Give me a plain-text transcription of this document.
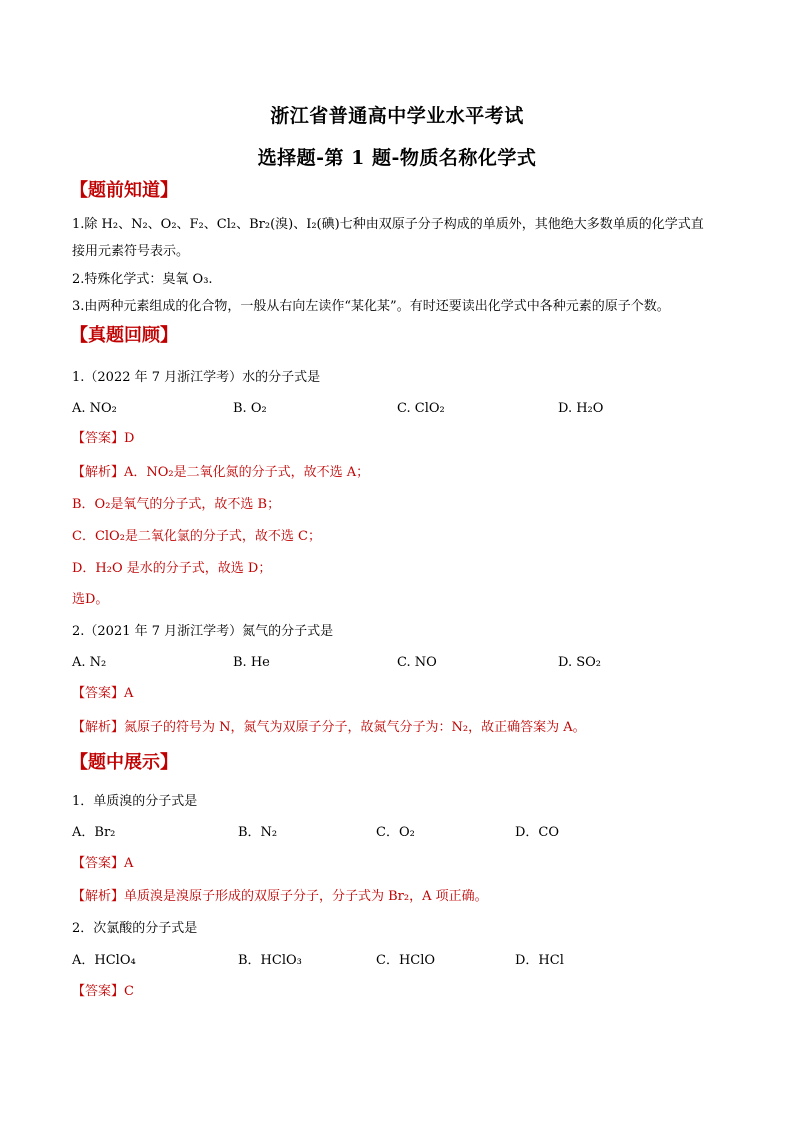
浙江省普通高中学业水平考试
选择题-第 1 题-物质名称化学式
【题前知道】
1.除 H₂、N₂、O₂、F₂、Cl₂、Br₂(溴)、I₂(碘)七种由双原子分子构成的单质外，其他绝大多数单质的化学式直
接用元素符号表示。
2.特殊化学式：臭氧 O₃.
3.由两种元素组成的化合物，一般从右向左读作“某化某”。有时还要读出化学式中各种元素的原子个数。
【真题回顾】
1.（2022 年 7 月浙江学考）水的分子式是
A. NO₂	B. O₂	C. ClO₂	D. H₂O
【答案】D
【解析】A．NO₂是二氧化氮的分子式，故不选 A；
B．O₂是氧气的分子式，故不选 B；
C．ClO₂是二氧化氯的分子式，故不选 C；
D．H₂O 是水的分子式，故选 D；
选D。
2.（2021 年 7 月浙江学考）氮气的分子式是
A. N₂	B. He	C. NO	D. SO₂
【答案】A
【解析】氮原子的符号为 N，氮气为双原子分子，故氮气分子为：N₂，故正确答案为 A。
【题中展示】
1．单质溴的分子式是
A．Br₂	B．N₂	C．O₂	D．CO
【答案】A
【解析】单质溴是溴原子形成的双原子分子，分子式为 Br₂，A 项正确。
2．次氯酸的分子式是
A．HClO₄	B．HClO₃	C．HClO	D．HCl
【答案】C
